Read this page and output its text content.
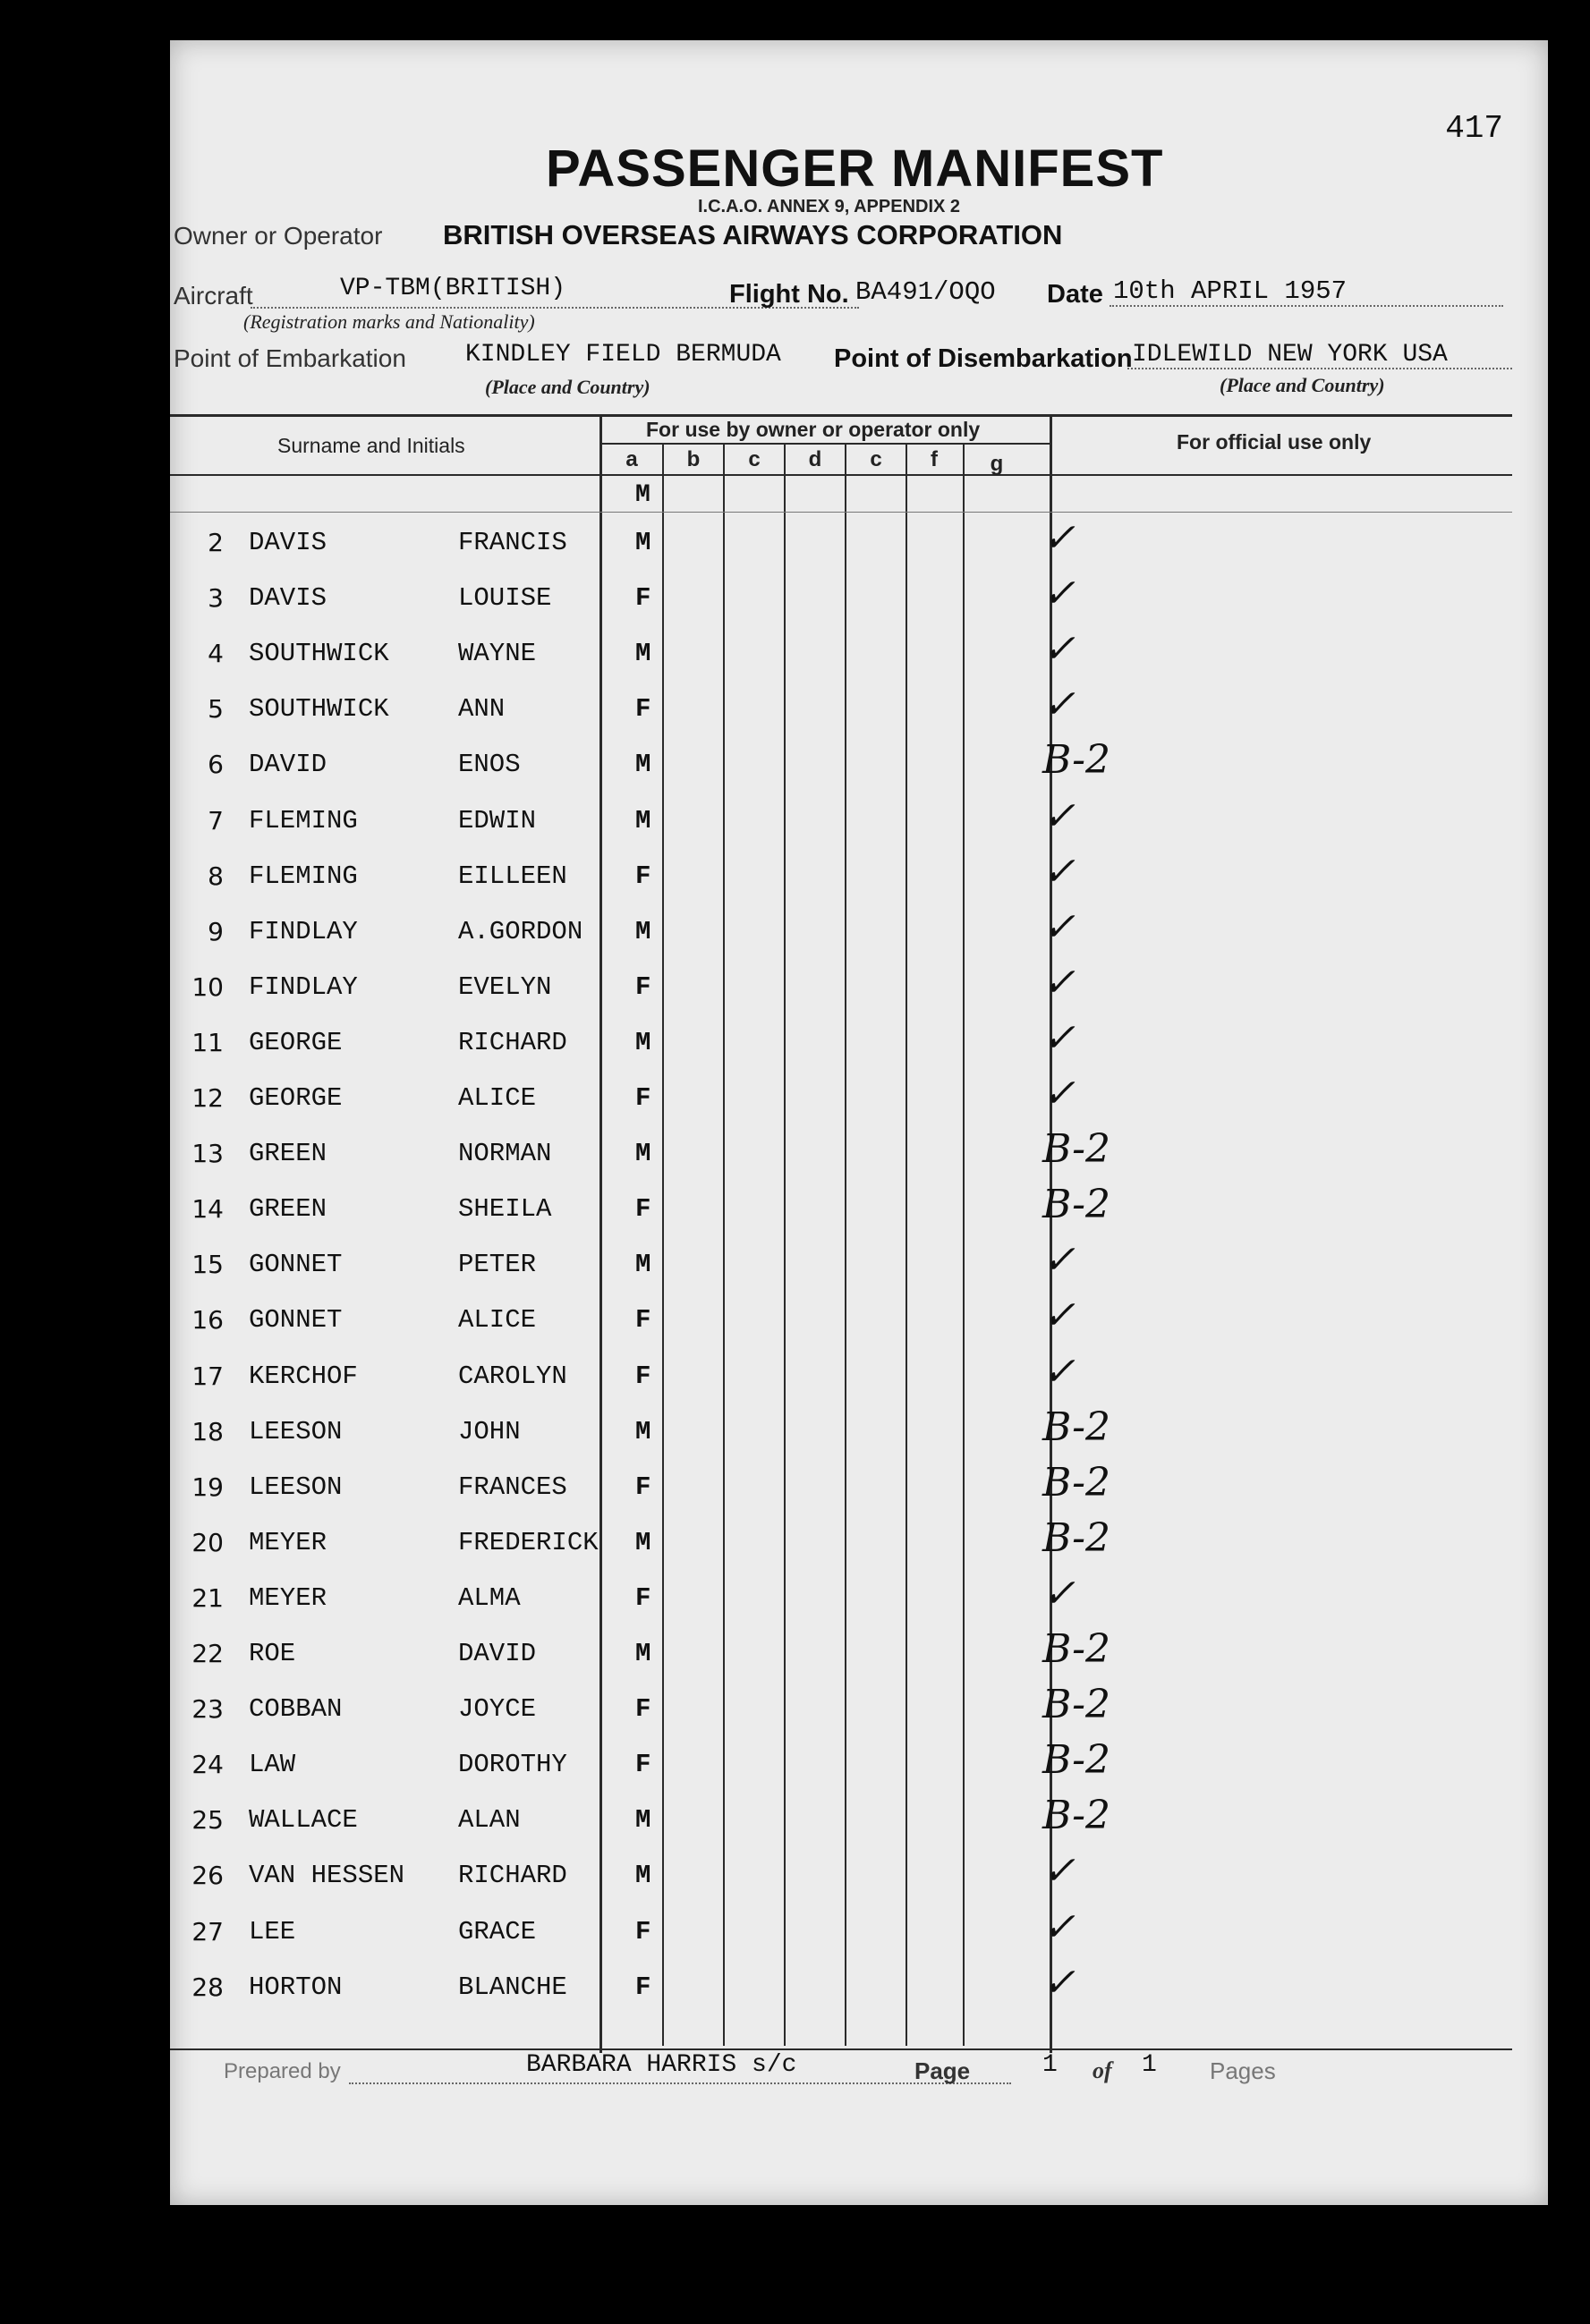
417
PASSENGER MANIFEST
I.C.A.O. ANNEX 9, APPENDIX 2
Owner or Operator BRITISH OVERSEAS AIRWAYS CORPORATION
Aircraft	VP-TBM(BRITISH)
(Registration marks and Nationality)
Flight No. BA491/OQO Date 10th APRIL 1957
Point of Embarkation KINDLEY FIELD BERMUDA
(Place and Country)
Point of Disembarkation IDLEWILD NEW YORK USA
(Place and Country)
Surname and Initials
For use by owner or operator only
For official use only
a	b	c	d	c	f	g
M
2 DAVIS	FRANCIS	M	✓
3 DAVIS	LOUISE	F	✓
4 SOUTHWICK	WAYNE	M	✓
5 SOUTHWICK	ANN	F	✓
6 DAVID	ENOS	M	B-2
7 FLEMING	EDWIN	M	✓
8 FLEMING	EILLEEN	F	✓
9 FINDLAY	A.GORDON M	✓
10 FINDLAY	EVELYN	F	✓
11 GEORGE	RICHARD	M	✓
12 GEORGE	ALICE	F	✓
13 GREEN	NORMAN	M	B-2
14 GREEN	SHEILA	F	B-2
15 GONNET	PETER	M	✓
16 GONNET	ALICE	F	✓
17 KERCHOF	CAROLYN	F	✓
18 LEESON	JOHN	M	B-2
19 LEESON	FRANCES	F	B-2
20 MEYER	FREDERICK M	B-2
21 MEYER	ALMA	F	✓
22 ROE	DAVID	M	B-2
23 COBBAN	JOYCE	F	B-2
24 LAW	DOROTHY	F	B-2
25 WALLACE	ALAN	M	B-2
26 VAN HESSEN RICHARD	M	✓
27 LEE	GRACE	F	✓
28 HORTON	BLANCHE	F	✓
Prepared by	BARBARA HARRIS s/c	Page	1 of 1 Pages
